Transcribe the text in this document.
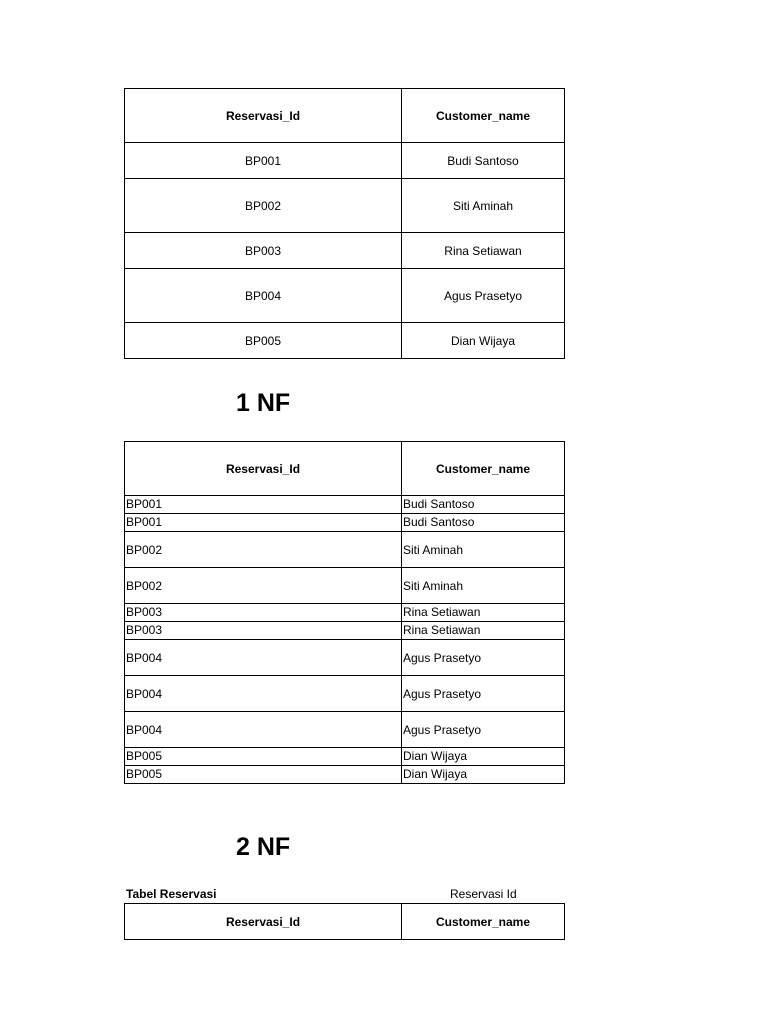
Reservasi_Id	Customer_name
BP001	Budi Santoso
BP002	Siti Aminah
BP003	Rina Setiawan
BP004	Agus Prasetyo
BP005	Dian Wijaya
1 NF
Reservasi_Id	Customer_name
BP001	Budi Santoso
BP001	Budi Santoso
BP002	Siti Aminah
BP002	Siti Aminah
BP003	Rina Setiawan
BP003	Rina Setiawan
BP004	Agus Prasetyo
BP004	Agus Prasetyo
BP004	Agus Prasetyo
BP005	Dian Wijaya
BP005	Dian Wijaya
2 NF
Tabel Reservasi	Reservasi Id
Reservasi_Id	Customer_name
